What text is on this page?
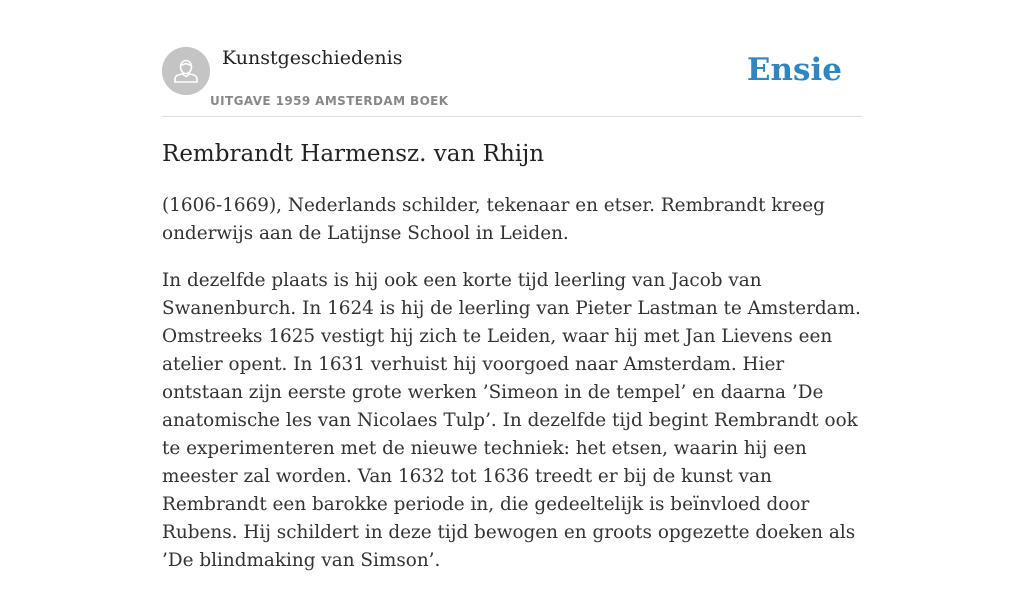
Kunstgeschiedenis
UITGAVE 1959 AMSTERDAM BOEK
Ensie
Rembrandt Harmensz. van Rhijn

(1606-1669), Nederlands schilder, tekenaar en etser. Rembrandt kreeg onderwijs aan de Latijnse School in Leiden.

In dezelfde plaats is hij ook een korte tijd leerling van Jacob van Swanenburch. In 1624 is hij de leerling van Pieter Lastman te Amsterdam. Omstreeks 1625 vestigt hij zich te Leiden, waar hij met Jan Lievens een atelier opent. In 1631 verhuist hij voorgoed naar Amsterdam. Hier ontstaan zijn eerste grote werken ’Simeon in de tempel’ en daarna ’De anatomische les van Nicolaes Tulp’. In dezelfde tijd begint Rembrandt ook te experimenteren met de nieuwe techniek: het etsen, waarin hij een meester zal worden. Van 1632 tot 1636 treedt er bij de kunst van Rembrandt een barokke periode in, die gedeeltelijk is beïnvloed door Rubens. Hij schildert in deze tijd bewogen en groots opgezette doeken als ’De blindmaking van Simson’.
